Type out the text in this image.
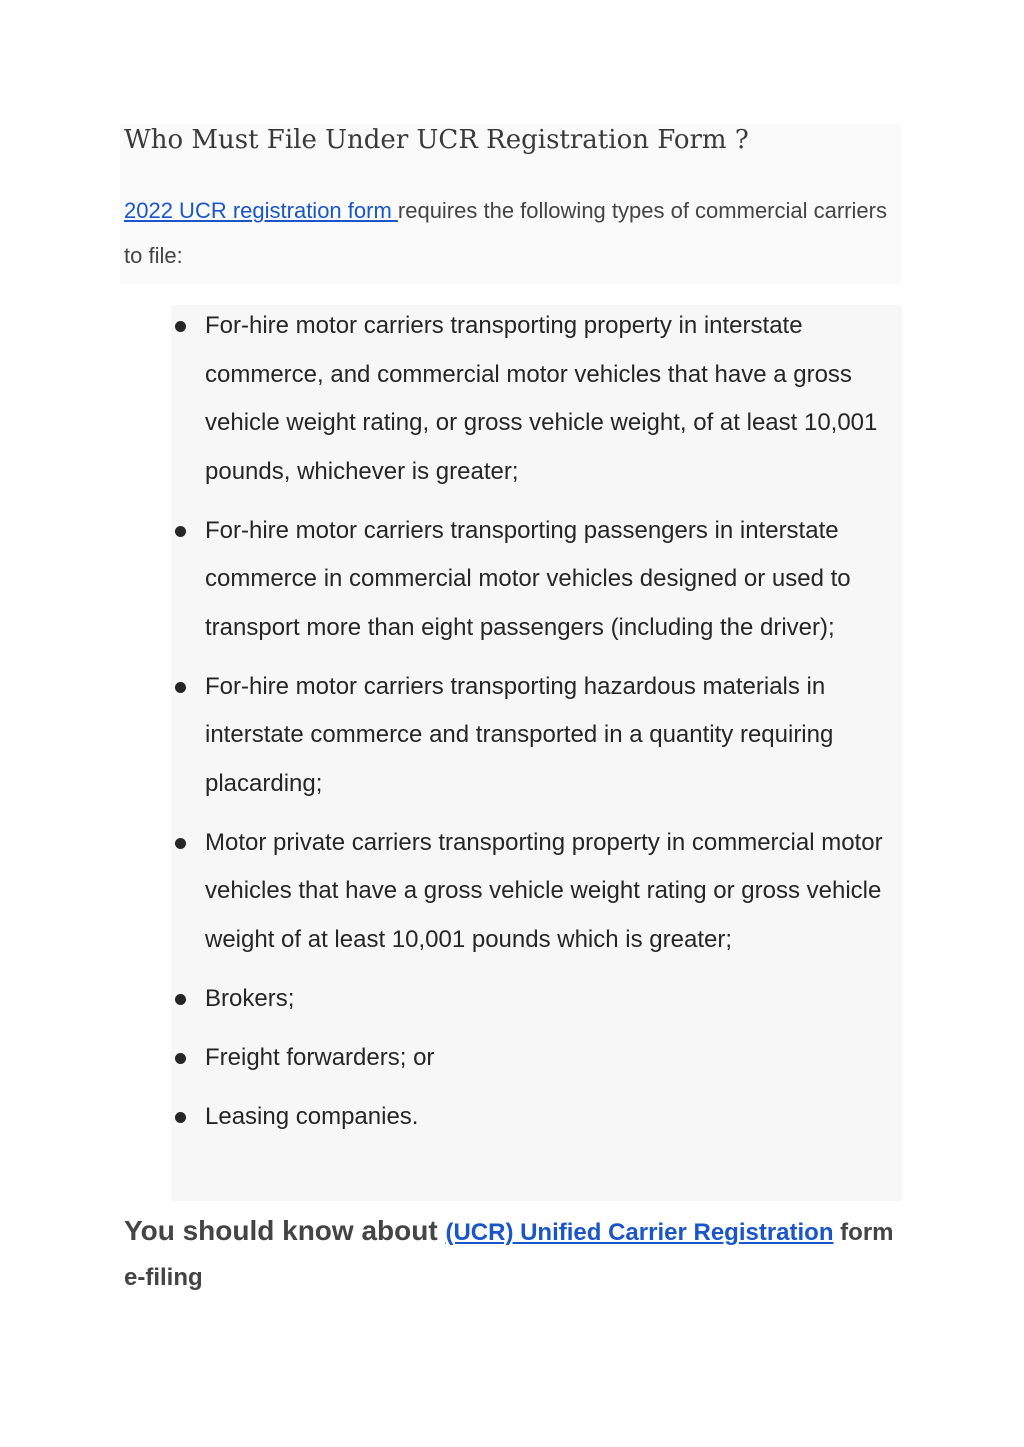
Who Must File Under UCR Registration Form ?

2022 UCR registration form requires the following types of commercial carriers to file:

For-hire motor carriers transporting property in interstate commerce, and commercial motor vehicles that have a gross vehicle weight rating, or gross vehicle weight, of at least 10,001 pounds, whichever is greater;
For-hire motor carriers transporting passengers in interstate commerce in commercial motor vehicles designed or used to transport more than eight passengers (including the driver);
For-hire motor carriers transporting hazardous materials in interstate commerce and transported in a quantity requiring placarding;
Motor private carriers transporting property in commercial motor vehicles that have a gross vehicle weight rating or gross vehicle weight of at least 10,001 pounds which is greater;
Brokers;
Freight forwarders; or
Leasing companies.

You should know about (UCR) Unified Carrier Registration form e-filing
